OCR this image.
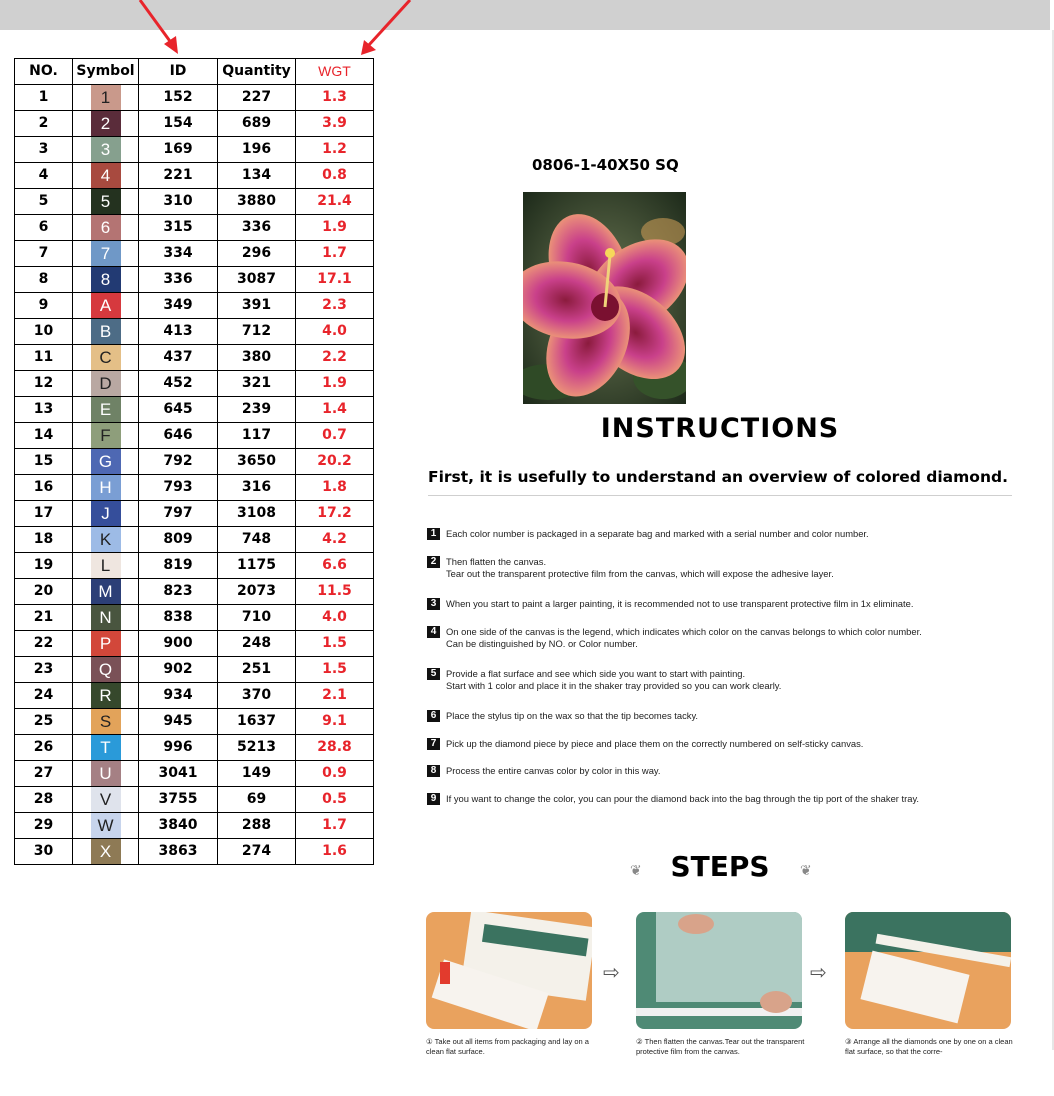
NO.	Symbol	ID	Quantity	WGT
1	1	152	227	1.3
2	2	154	689	3.9
3	3	169	196	1.2
4	4	221	134	0.8
5	5	310	3880	21.4
6	6	315	336	1.9
7	7	334	296	1.7
8	8	336	3087	17.1
9	A	349	391	2.3
10	B	413	712	4.0
11	C	437	380	2.2
12	D	452	321	1.9
13	E	645	239	1.4
14	F	646	117	0.7
15	G	792	3650	20.2
16	H	793	316	1.8
17	J	797	3108	17.2
18	K	809	748	4.2
19	L	819	1175	6.6
20	M	823	2073	11.5
21	N	838	710	4.0
22	P	900	248	1.5
23	Q	902	251	1.5
24	R	934	370	2.1
25	S	945	1637	9.1
26	T	996	5213	28.8
27	U	3041	149	0.9
28	V	3755	69	0.5
29	W	3840	288	1.7
30	X	3863	274	1.6
0806-1-40X50 SQ
INSTRUCTIONS
First, it is usefully to understand an overview of colored diamond.
1 Each color number is packaged in a separate bag and marked with a serial number and color number.
2 Then flatten the canvas.
Tear out the transparent protective film from the canvas, which will expose the adhesive layer.
3 When you start to paint a larger painting, it is recommended not to use transparent protective film in 1x eliminate.
4 On one side of the canvas is the legend, which indicates which color on the canvas belongs to which color number.
Can be distinguished by NO. or Color number.
5 Provide a flat surface and see which side you want to start with painting.
Start with 1 color and place it in the shaker tray provided so you can work clearly.
6 Place the stylus tip on the wax so that the tip becomes tacky.
7 Pick up the diamond piece by piece and place them on the correctly numbered on self-sticky canvas.
8 Process the entire canvas color by color in this way.
9 If you want to change the color, you can pour the diamond back into the bag through the tip port of the shaker tray.
❦	STEPS	❦
⇨	⇨
① Take out all items from packaging and lay on a clean flat surface.
② Then flatten the canvas.Tear out the transparent protective film from the canvas.
③ Arrange all the diamonds one by one on a clean flat surface, so that the corre-
